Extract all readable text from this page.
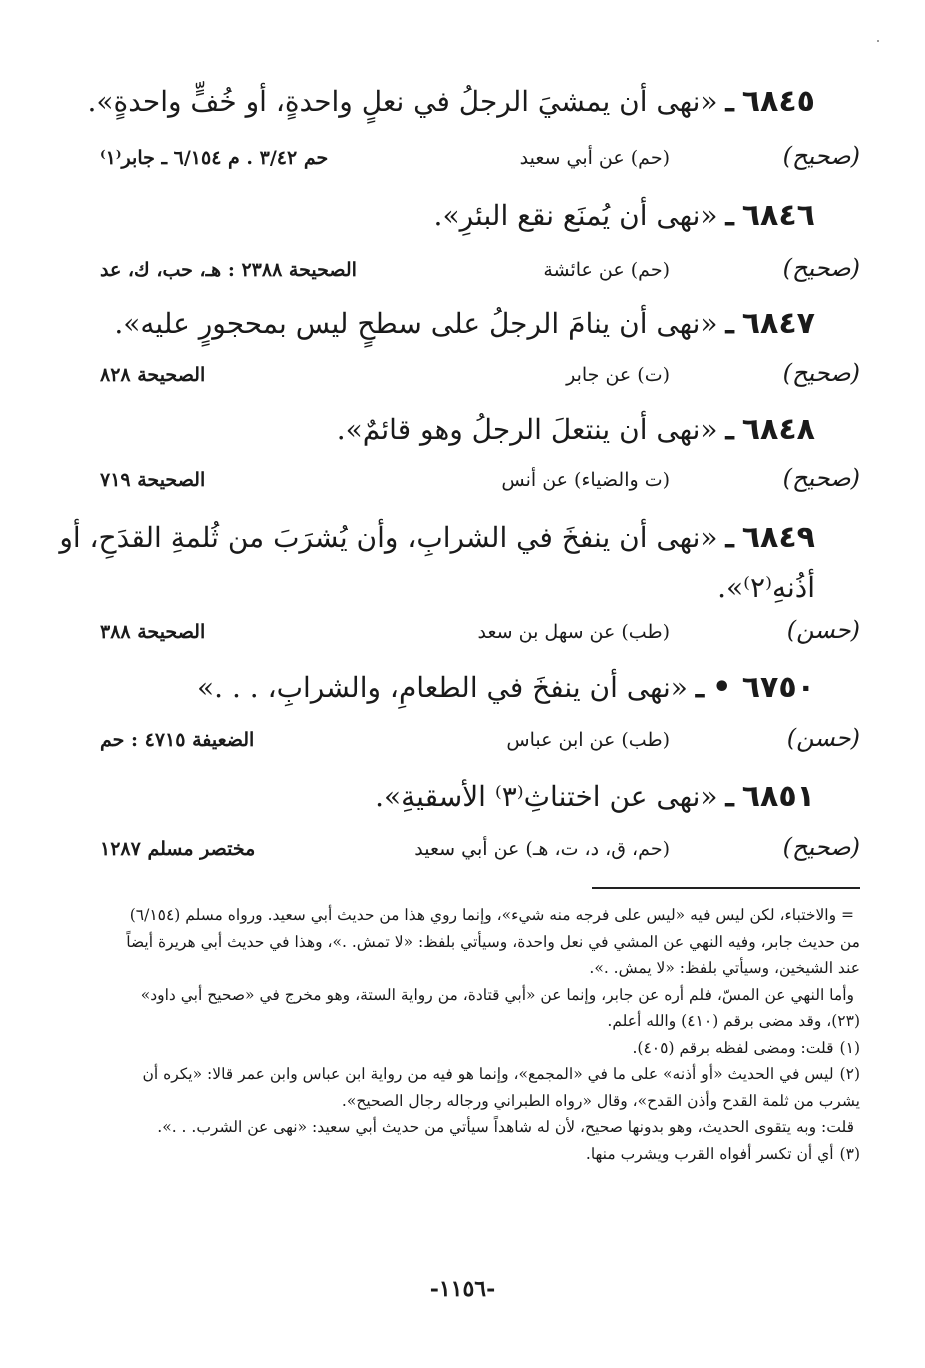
٦٨٤٥ـ«نهى أن يمشيَ الرجلُ في نعلٍ واحدةٍ، أو خُفٍّ واحدةٍ».
(صحيح)
(حم) عن أبي سعيد
حم ٣/٤٢ . م ٦/١٥٤ ـ جابر⁽١⁾
٦٨٤٦ـ«نهى أن يُمنَع نقع البئرِ».
(صحيح)
(حم) عن عائشة
الصحيحة ٢٣٨٨ : هـ، حب، ك، عد
٦٨٤٧ـ«نهى أن ينامَ الرجلُ على سطحٍ ليس بمحجورٍ عليه».
(صحيح)
(ت) عن جابر
الصحيحة ٨٢٨
٦٨٤٨ـ«نهى أن ينتعلَ الرجلُ وهو قائمٌ».
(صحيح)
(ت والضياء) عن أنس
الصحيحة ٧١٩
٦٨٤٩ـ«نهى أن ينفخَ في الشرابِ، وأن يُشرَبَ من ثُلمةِ القدَحِ، أو
أذُنهِ⁽٢⁾».
(حسن)
(طب) عن سهل بن سعد
الصحيحة ٣٨٨
٦٧٥٠ •ـ«نهى أن ينفخَ في الطعامِ، والشرابِ، . . .»
(حسن)
(طب) عن ابن عباس
الضعيفة ٤٧١٥ : حم
٦٨٥١ـ«نهى عن اختناثِ⁽٣⁾ الأسقيةِ».
(صحيح)
(حم، ق، د، ت، هـ) عن أبي سعيد
مختصر مسلم ١٢٨٧

= والاختباء، لكن ليس فيه «ليس على فرجه منه شيء»، وإنما روي هذا من حديث أبي سعيد. ورواه مسلم (٦/١٥٤) من حديث جابر، وفيه النهي عن المشي في نعل واحدة، وسيأتي بلفظ: «لا تمش. .»، وهذا في حديث أبي هريرة أيضاً عند الشيخين، وسيأتي بلفظ: «لا يمش. .».

وأما النهي عن المسّ، فلم أره عن جابر، وإنما عن «أبي قتادة، من رواية الستة، وهو مخرج في «صحيح أبي داود» (٢٣)، وقد مضى برقم (٤١٠) والله أعلم.

(١)قلت: ومضى لفظه برقم (٤٠٥).

(٢)ليس في الحديث «أو أذنه» على ما في «المجمع»، وإنما هو فيه من رواية ابن عباس وابن عمر قالا: «يكره أن يشرب من ثلمة القدح وأذن القدح»، وقال «رواه الطبراني ورجاله رجال الصحيح».

قلت: وبه يتقوى الحديث، وهو بدونها صحيح، لأن له شاهداً سيأتي من حديث أبي سعيد: «نهى عن الشرب. . .».

(٣)أي أن تكسر أفواه القرب ويشرب منها.

-١١٥٦-
